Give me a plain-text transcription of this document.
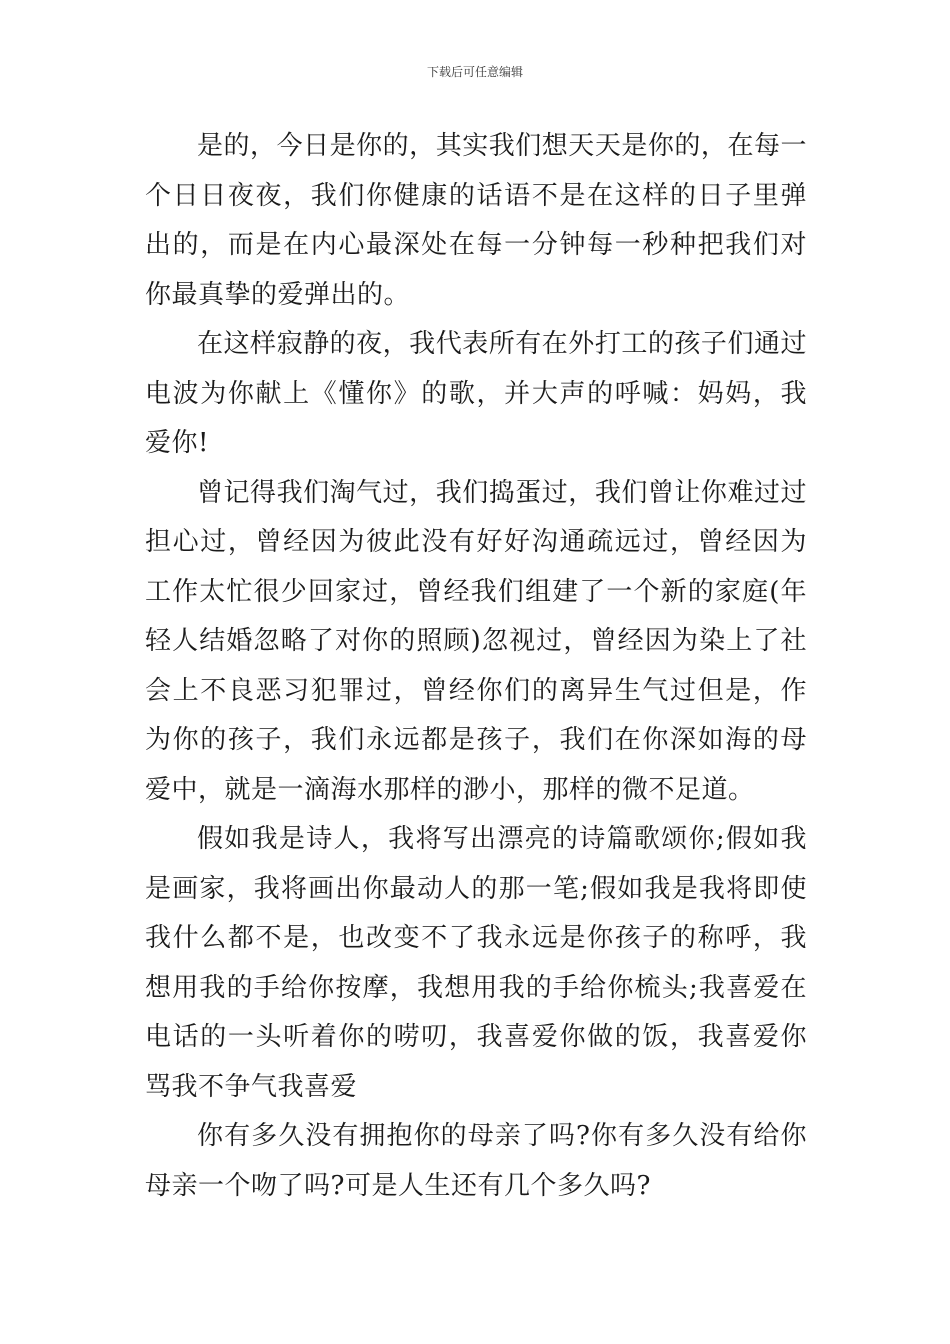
下载后可任意编辑

是的，今日是你的，其实我们想天天是你的，在每一个日日夜夜，我们你健康的话语不是在这样的日子里弹出的，而是在内心最深处在每一分钟每一秒种把我们对你最真挚的爱弹出的。

在这样寂静的夜，我代表所有在外打工的孩子们通过电波为你献上《懂你》的歌，并大声的呼喊：妈妈，我爱你!

曾记得我们淘气过，我们捣蛋过，我们曾让你难过过担心过，曾经因为彼此没有好好沟通疏远过，曾经因为工作太忙很少回家过，曾经我们组建了一个新的家庭(年轻人结婚忽略了对你的照顾)忽视过，曾经因为染上了社会上不良恶习犯罪过，曾经你们的离异生气过但是，作为你的孩子，我们永远都是孩子，我们在你深如海的母爱中，就是一滴海水那样的渺小，那样的微不足道。

假如我是诗人，我将写出漂亮的诗篇歌颂你;假如我是画家，我将画出你最动人的那一笔;假如我是我将即使我什么都不是，也改变不了我永远是你孩子的称呼，我想用我的手给你按摩，我想用我的手给你梳头;我喜爱在电话的一头听着你的唠叨，我喜爱你做的饭，我喜爱你骂我不争气我喜爱

你有多久没有拥抱你的母亲了吗?你有多久没有给你母亲一个吻了吗?可是人生还有几个多久吗?
